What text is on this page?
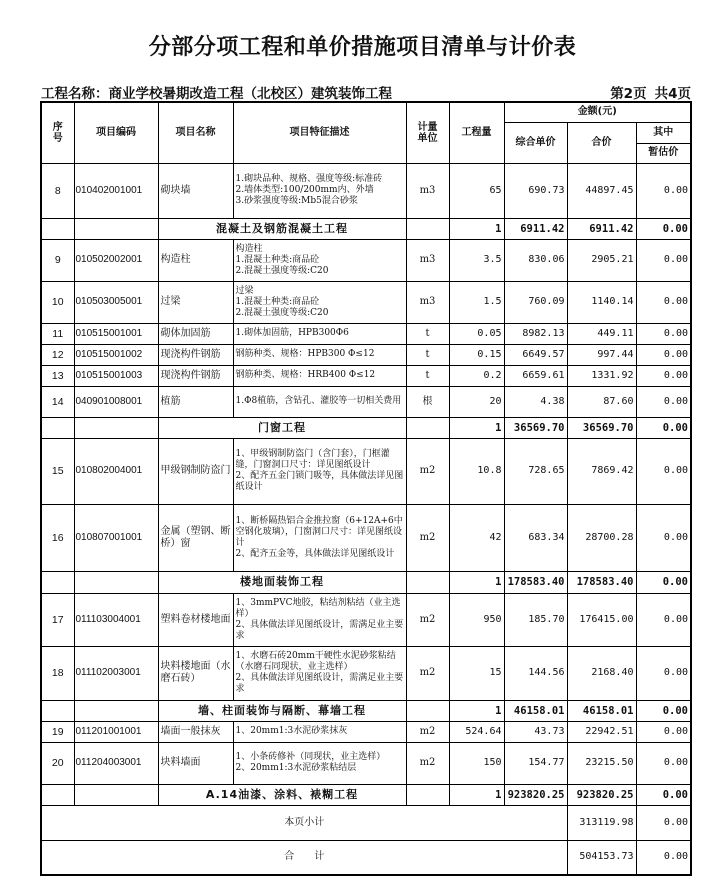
分部分项工程和单价措施项目清单与计价表
工程名称：商业学校暑期改造工程（北校区）建筑装饰工程	第2页 共4页
序号	项目编码	项目名称	项目特征描述	计量单位	工程量	金额(元)		
						综合单价	合价	其中
								暂估价
8	010402001001	砌块墙	1.砌块品种、规格、强度等级:标准砖
2.墙体类型:100/200mm内、外墙
3.砂浆强度等级:Mb5混合砂浆	m3	65	690.73	44897.45	0.00
		混凝土及钢筋混凝土工程			1	6911.42	6911.42	0.00
9	010502002001	构造柱	构造柱
1.混凝土种类:商品砼
2.混凝土强度等级:C20	m3	3.5	830.06	2905.21	0.00
10	010503005001	过梁	过梁
1.混凝土种类:商品砼
2.混凝土强度等级:C20	m3	1.5	760.09	1140.14	0.00
11	010515001001	砌体加固筋	1.砌体加固筋，HPB300Φ6	t	0.05	8982.13	449.11	0.00
12	010515001002	现浇构件钢筋	钢筋种类、规格：HPB300 Φ≤12	t	0.15	6649.57	997.44	0.00
13	010515001003	现浇构件钢筋	钢筋种类、规格：HRB400 Φ≤12	t	0.2	6659.61	1331.92	0.00
14	040901008001	植筋	1.Φ8植筋，含钻孔、灌胶等一切相关费用	根	20	4.38	87.60	0.00
		门窗工程			1	36569.70	36569.70	0.00
15	010802004001	甲级钢制防盗门	1、甲级钢制防盗门（含门套），门框灌缝，门窗洞口尺寸：详见图纸设计
2、配齐五金门锁门吸等，具体做法详见图纸设计	m2	10.8	728.65	7869.42	0.00
16	010807001001	金属（塑钢、断桥）窗	1、断桥隔热铝合金推拉窗（6+12A+6中空钢化玻璃），门窗洞口尺寸：详见图纸设计
2、配齐五金等，具体做法详见图纸设计	m2	42	683.34	28700.28	0.00
		楼地面装饰工程			1	178583.40	178583.40	0.00
17	011103004001	塑料卷材楼地面	1、3mmPVC地胶，粘结剂粘结（业主选样）
2、具体做法详见图纸设计，需满足业主要求	m2	950	185.70	176415.00	0.00
18	011102003001	块料楼地面（水磨石砖）	1、水磨石砖20mm干硬性水泥砂浆粘结（水磨石同现状，业主选样）
2、具体做法详见图纸设计，需满足业主要求	m2	15	144.56	2168.40	0.00
		墙、柱面装饰与隔断、幕墙工程			1	46158.01	46158.01	0.00
19	011201001001	墙面一般抹灰	1、20mm1:3水泥砂浆抹灰	m2	524.64	43.73	22942.51	0.00
20	011204003001	块料墙面	1、小条砖修补（同现状，业主选样）
2、20mm1:3水泥砂浆粘结层	m2	150	154.77	23215.50	0.00
		A.14油漆、涂料、裱糊工程			1	923820.25	923820.25	0.00
本页小计							313119.98	0.00
合　　计							504153.73	0.00
